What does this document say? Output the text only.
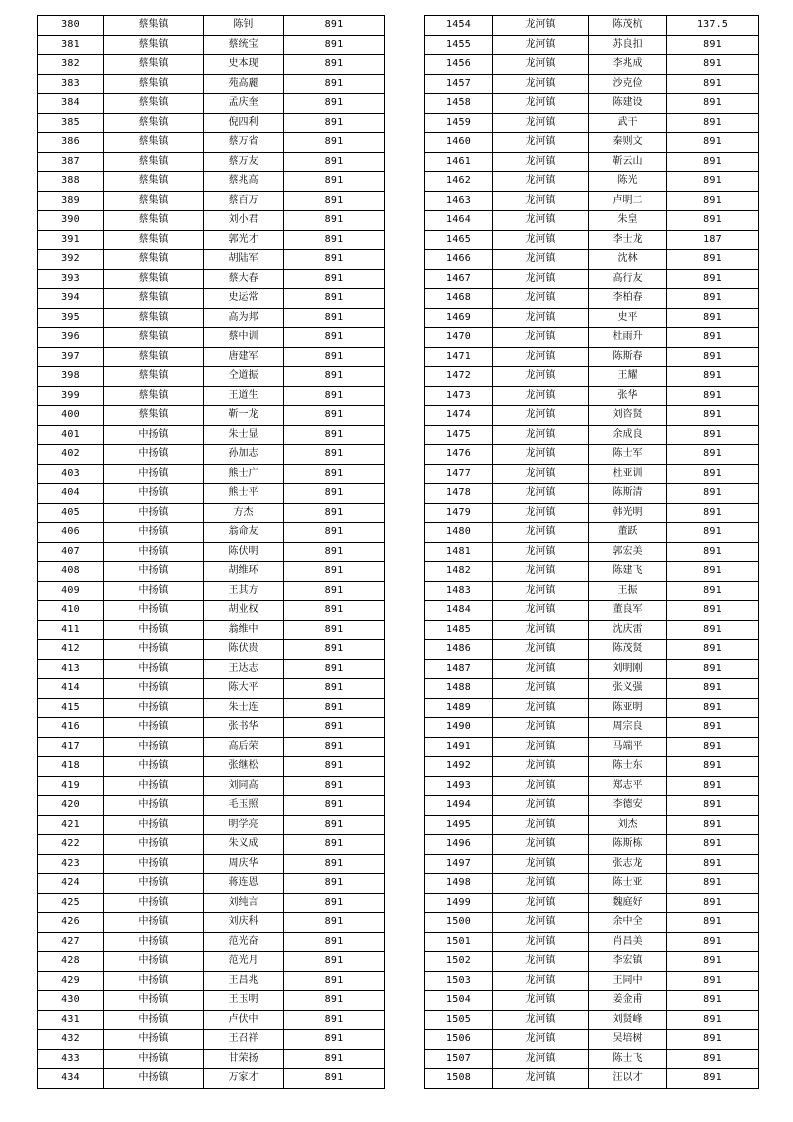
380	蔡集镇	陈钊	891
381	蔡集镇	蔡统宝	891
382	蔡集镇	史本现	891
383	蔡集镇	苑高麗	891
384	蔡集镇	孟庆奎	891
385	蔡集镇	倪四利	891
386	蔡集镇	蔡万省	891
387	蔡集镇	蔡万友	891
388	蔡集镇	蔡兆高	891
389	蔡集镇	蔡百万	891
390	蔡集镇	刘小君	891
391	蔡集镇	郭光才	891
392	蔡集镇	胡陆军	891
393	蔡集镇	蔡大春	891
394	蔡集镇	史运常	891
395	蔡集镇	高为邦	891
396	蔡集镇	蔡中训	891
397	蔡集镇	唐建军	891
398	蔡集镇	仝道振	891
399	蔡集镇	王道生	891
400	蔡集镇	靳一龙	891
401	中扬镇	朱士显	891
402	中扬镇	孙加志	891
403	中扬镇	熊士广	891
404	中扬镇	熊士平	891
405	中扬镇	方杰	891
406	中扬镇	翁命友	891
407	中扬镇	陈伏明	891
408	中扬镇	胡维环	891
409	中扬镇	王其方	891
410	中扬镇	胡业权	891
411	中扬镇	翁维中	891
412	中扬镇	陈伏贵	891
413	中扬镇	王达志	891
414	中扬镇	陈大平	891
415	中扬镇	朱士连	891
416	中扬镇	张书华	891
417	中扬镇	高后荣	891
418	中扬镇	张继松	891
419	中扬镇	刘同高	891
420	中扬镇	毛玉照	891
421	中扬镇	明学亮	891
422	中扬镇	朱义成	891
423	中扬镇	周庆华	891
424	中扬镇	蒋连恩	891
425	中扬镇	刘纯言	891
426	中扬镇	刘庆科	891
427	中扬镇	范光奋	891
428	中扬镇	范光月	891
429	中扬镇	王昌兆	891
430	中扬镇	王玉明	891
431	中扬镇	卢伏中	891
432	中扬镇	王召祥	891
433	中扬镇	甘荣扬	891
434	中扬镇	万家才	891
1454	龙河镇	陈茂杭	137.5
1455	龙河镇	苏良扣	891
1456	龙河镇	李兆成	891
1457	龙河镇	沙克俭	891
1458	龙河镇	陈建设	891
1459	龙河镇	武干	891
1460	龙河镇	秦则文	891
1461	龙河镇	靳云山	891
1462	龙河镇	陈光	891
1463	龙河镇	卢明二	891
1464	龙河镇	朱皇	891
1465	龙河镇	李士龙	187
1466	龙河镇	沈林	891
1467	龙河镇	高行友	891
1468	龙河镇	李柏春	891
1469	龙河镇	史平	891
1470	龙河镇	杜雨升	891
1471	龙河镇	陈斯春	891
1472	龙河镇	王耀	891
1473	龙河镇	张华	891
1474	龙河镇	刘咨贤	891
1475	龙河镇	余成良	891
1476	龙河镇	陈士军	891
1477	龙河镇	杜亚训	891
1478	龙河镇	陈斯清	891
1479	龙河镇	韩光明	891
1480	龙河镇	董跃	891
1481	龙河镇	郭宏美	891
1482	龙河镇	陈建飞	891
1483	龙河镇	王振	891
1484	龙河镇	董良军	891
1485	龙河镇	沈庆雷	891
1486	龙河镇	陈茂贤	891
1487	龙河镇	刘明刚	891
1488	龙河镇	张义强	891
1489	龙河镇	陈亚明	891
1490	龙河镇	周宗良	891
1491	龙河镇	马端平	891
1492	龙河镇	陈士东	891
1493	龙河镇	郑志平	891
1494	龙河镇	李德安	891
1495	龙河镇	刘杰	891
1496	龙河镇	陈斯栋	891
1497	龙河镇	张志龙	891
1498	龙河镇	陈士亚	891
1499	龙河镇	魏庭好	891
1500	龙河镇	余中全	891
1501	龙河镇	肖昌美	891
1502	龙河镇	李宏镇	891
1503	龙河镇	王同中	891
1504	龙河镇	姜金甫	891
1505	龙河镇	刘贤峰	891
1506	龙河镇	吴培树	891
1507	龙河镇	陈士飞	891
1508	龙河镇	汪以才	891
